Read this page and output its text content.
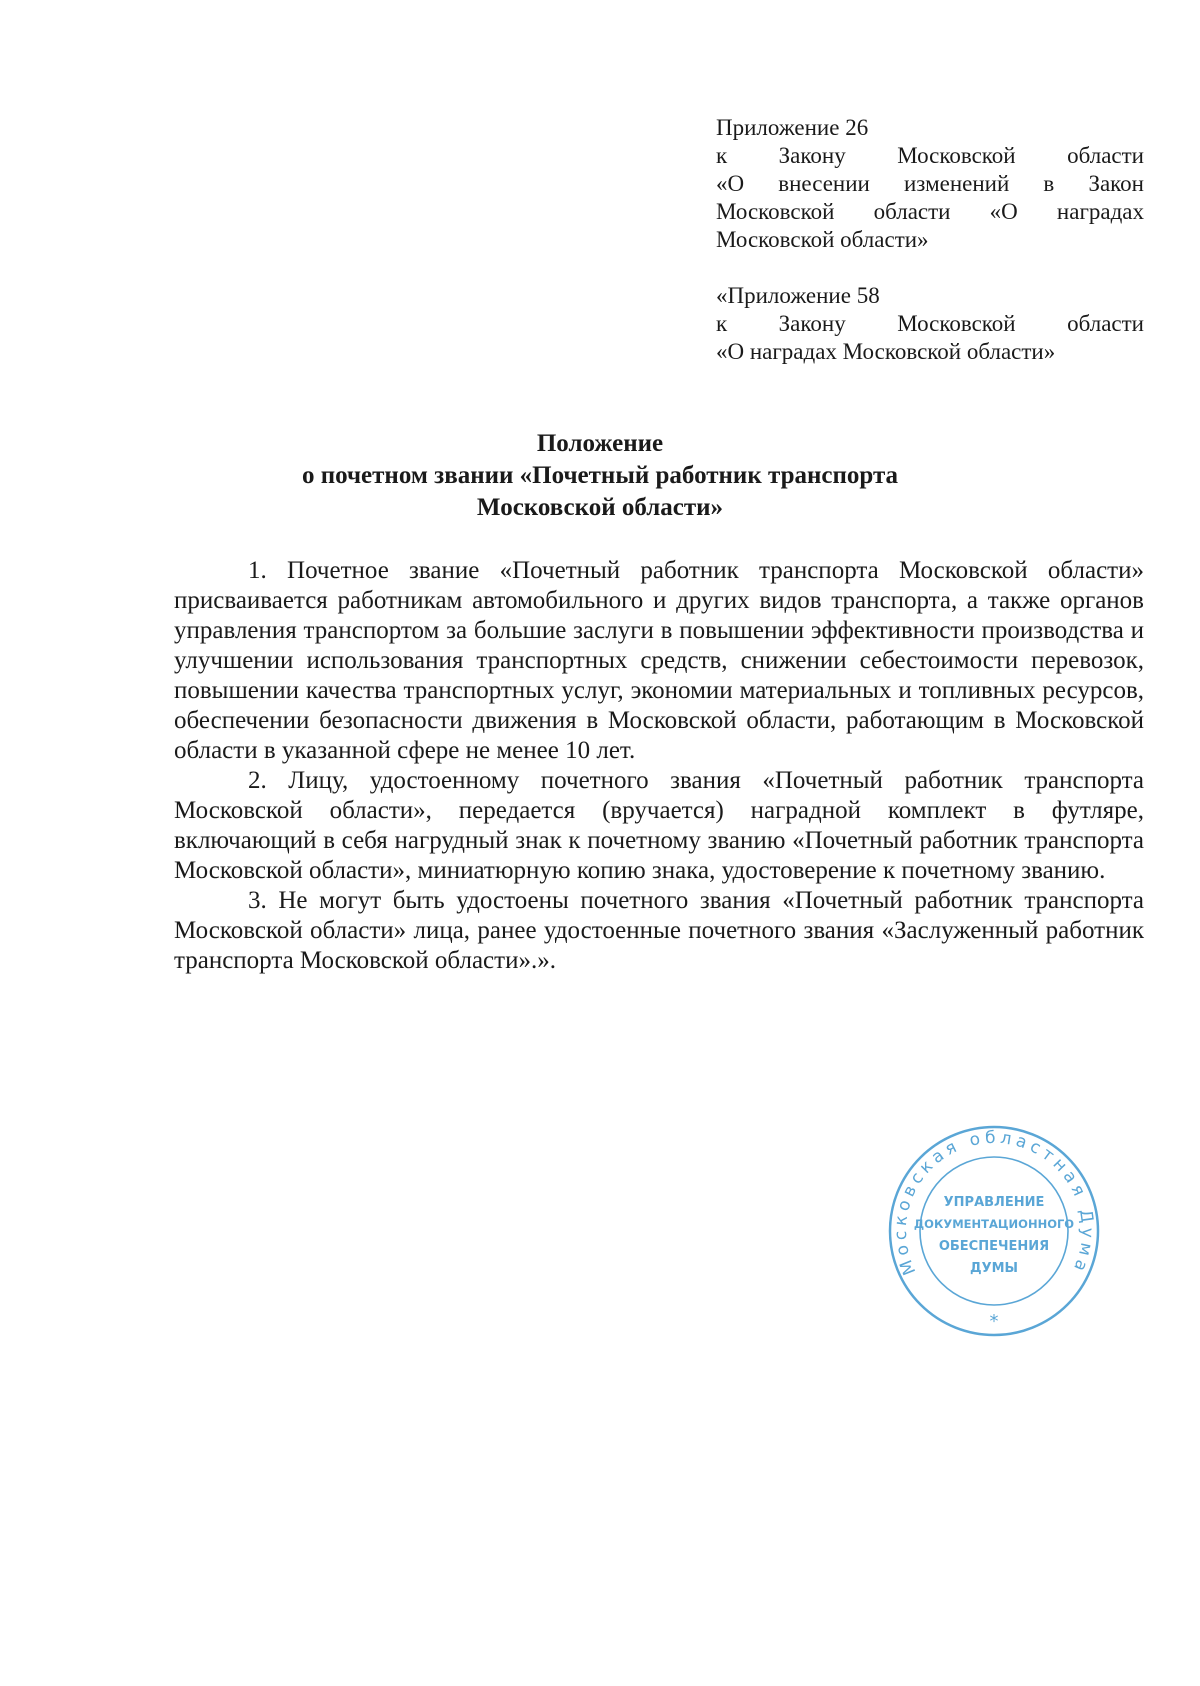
Приложение 26
к Закону Московской области
«О внесении изменений в Закон
Московской области «О наградах
Московской области»
«Приложение 58
к Закону Московской области
«О наградах Московской области»
Положение
о почетном звании «Почетный работник транспорта
Московской области»

1. Почетное звание «Почетный работник транспорта Московской области» присваивается работникам автомобильного и других видов транспорта, а также органов управления транспортом за большие заслуги в повышении эффективности производства и улучшении использования транспортных средств, снижении себестоимости перевозок, повышении качества транспортных услуг, экономии материальных и топливных ресурсов, обеспечении безопасности движения в Московской области, работающим в Московской области в указанной сфере не менее 10 лет.

2. Лицу, удостоенному почетного звания «Почетный работник транспорта Московской области», передается (вручается) наградной комплект в футляре, включающий в себя нагрудный знак к почетному званию «Почетный работник транспорта Московской области», миниатюрную копию знака, удостоверение к почетному званию.

3. Не могут быть удостоены почетного звания «Почетный работник транспорта Московской области» лица, ранее удостоенные почетного звания «Заслуженный работник транспорта Московской области».».

Московская областная Дума
УПРАВЛЕНИЕ
ДОКУМЕНТАЦИОННОГО
ОБЕСПЕЧЕНИЯ
ДУМЫ
*
